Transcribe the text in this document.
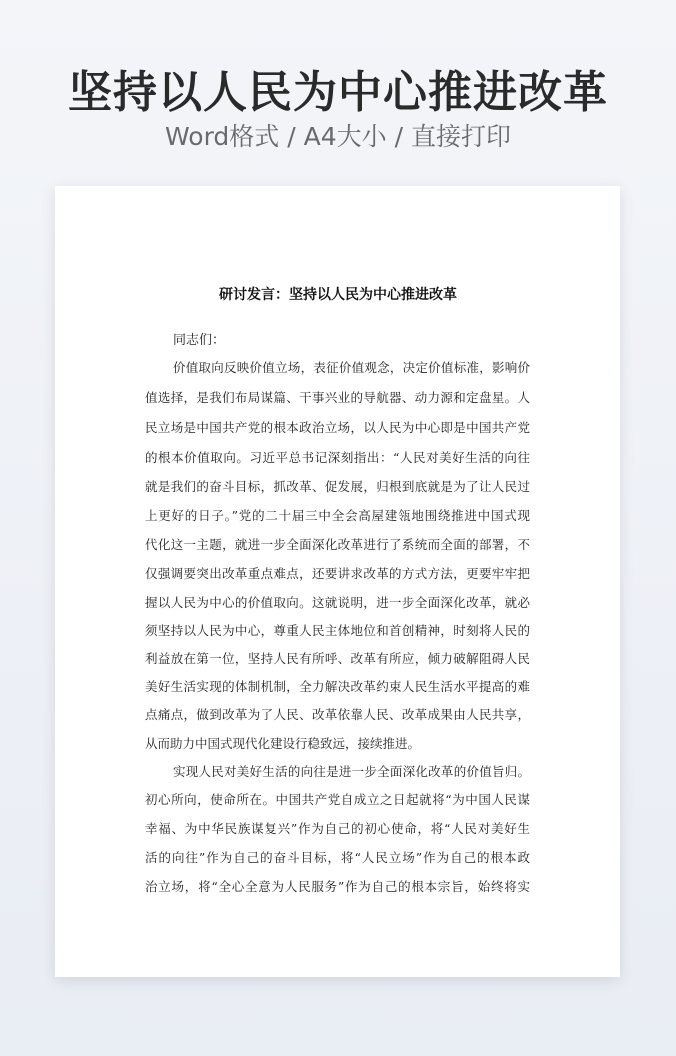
坚持以人民为中心推进改革
Word格式 / A4大小 / 直接打印
研讨发言：坚持以人民为中心推进改革
同志们：
价值取向反映价值立场，表征价值观念，决定价值标准，影响价
值选择，是我们布局谋篇、干事兴业的导航器、动力源和定盘星。人
民立场是中国共产党的根本政治立场，以人民为中心即是中国共产党
的根本价值取向。习近平总书记深刻指出：“人民对美好生活的向往
就是我们的奋斗目标，抓改革、促发展，归根到底就是为了让人民过
上更好的日子。”党的二十届三中全会高屋建瓴地围绕推进中国式现
代化这一主题，就进一步全面深化改革进行了系统而全面的部署，不
仅强调要突出改革重点难点，还要讲求改革的方式方法，更要牢牢把
握以人民为中心的价值取向。这就说明，进一步全面深化改革，就必
须坚持以人民为中心，尊重人民主体地位和首创精神，时刻将人民的
利益放在第一位，坚持人民有所呼、改革有所应，倾力破解阻碍人民
美好生活实现的体制机制，全力解决改革约束人民生活水平提高的难
点痛点，做到改革为了人民、改革依靠人民、改革成果由人民共享，
从而助力中国式现代化建设行稳致远，接续推进。
实现人民对美好生活的向往是进一步全面深化改革的价值旨归。
初心所向，使命所在。中国共产党自成立之日起就将“为中国人民谋
幸福、为中华民族谋复兴”作为自己的初心使命，将“人民对美好生
活的向往”作为自己的奋斗目标，将“人民立场”作为自己的根本政
治立场，将“全心全意为人民服务”作为自己的根本宗旨，始终将实
